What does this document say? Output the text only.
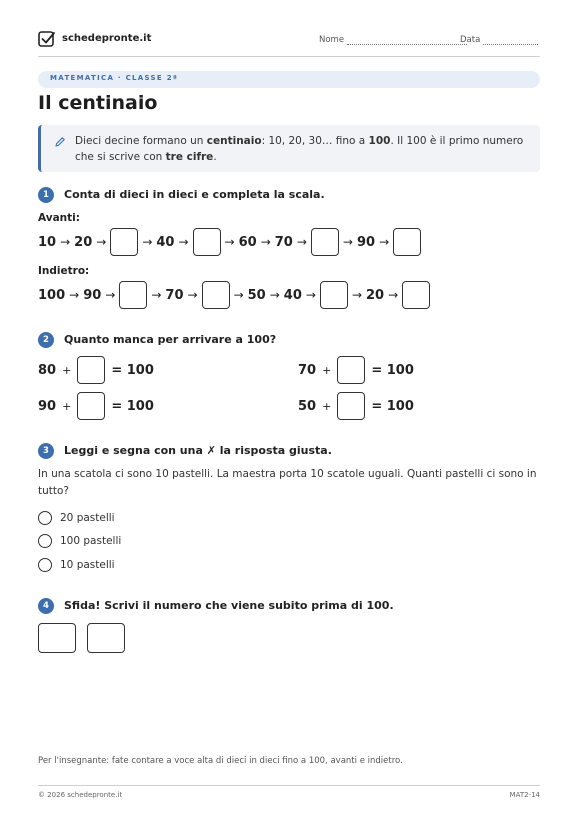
schedepronte.it	Nome	Data
MATEMATICA · CLASSE 2ª
Il centinaio
Dieci decine formano un centinaio: 10, 20, 30… fino a 100. Il 100 è il primo numero che si scrive con tre cifre.
1	Conta di dieci in dieci e completa la scala.
Avanti:
10 → 20 →	→ 40 →	→ 60 → 70 →	→ 90 →
Indietro:
100 → 90 →	→ 70 →	→ 50 → 40 →	→ 20 →
2	Quanto manca per arrivare a 100?
80 +	= 100	70 +	= 100
90 +	= 100	50 +	= 100
3	Leggi e segna con una ✗ la risposta giusta.
In una scatola ci sono 10 pastelli. La maestra porta 10 scatole uguali. Quanti pastelli ci sono in tutto?
20 pastelli
100 pastelli
10 pastelli
4	Sfida! Scrivi il numero che viene subito prima di 100.
Per l'insegnante: fate contare a voce alta di dieci in dieci fino a 100, avanti e indietro.
© 2026 schedepronte.it	MAT2-14
